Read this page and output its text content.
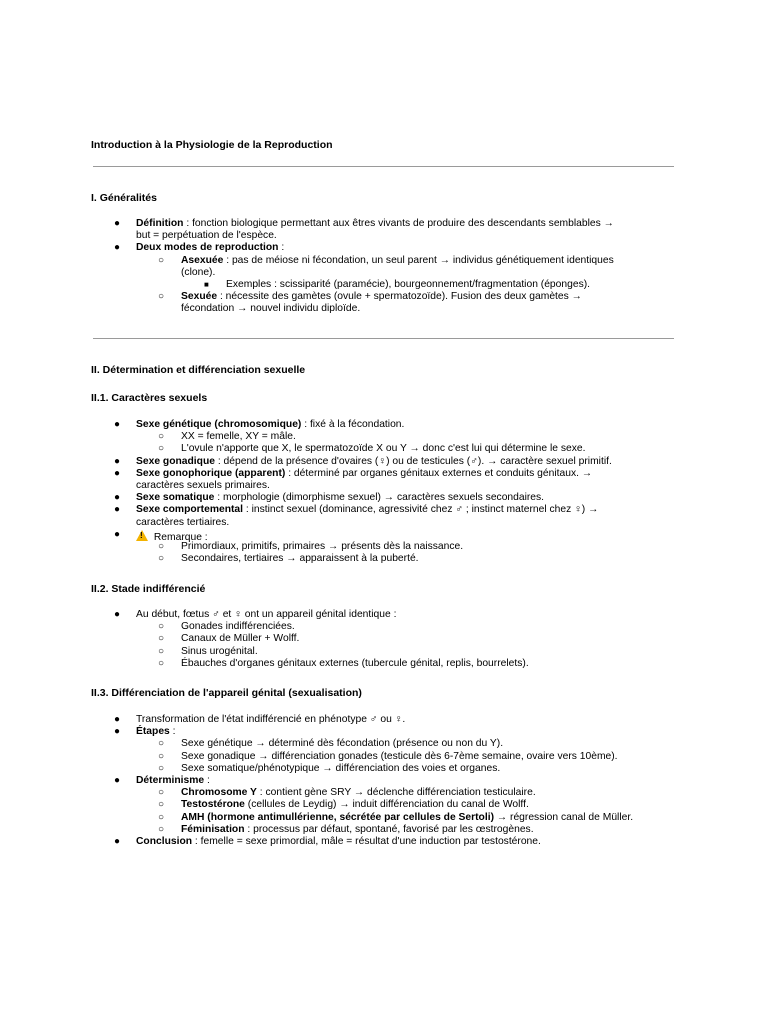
Introduction à la Physiologie de la Reproduction
I. Généralités
● Définition : fonction biologique permettant aux êtres vivants de produire des descendants semblables →
but = perpétuation de l'espèce.
● Deux modes de reproduction :
○ Asexuée : pas de méiose ni fécondation, un seul parent → individus génétiquement identiques
(clone).
■ Exemples : scissiparité (paramécie), bourgeonnement/fragmentation (éponges).
○ Sexuée : nécessite des gamètes (ovule + spermatozoïde). Fusion des deux gamètes →
fécondation → nouvel individu diploïde.
II. Détermination et différenciation sexuelle
II.1. Caractères sexuels
● Sexe génétique (chromosomique) : fixé à la fécondation.
○ XX = femelle, XY = mâle.
○ L'ovule n'apporte que X, le spermatozoïde X ou Y → donc c'est lui qui détermine le sexe.
● Sexe gonadique : dépend de la présence d'ovaires (♀) ou de testicules (♂). → caractère sexuel primitif.
● Sexe gonophorique (apparent) : déterminé par organes génitaux externes et conduits génitaux. →
caractères sexuels primaires.
● Sexe somatique : morphologie (dimorphisme sexuel) → caractères sexuels secondaires.
● Sexe comportemental : instinct sexuel (dominance, agressivité chez ♂ ; instinct maternel chez ♀) →
caractères tertiaires.
● !	Remarque :
○ Primordiaux, primitifs, primaires → présents dès la naissance.
○ Secondaires, tertiaires → apparaissent à la puberté.
II.2. Stade indifférencié
● Au début, fœtus ♂ et ♀ ont un appareil génital identique :
○ Gonades indifférenciées.
○ Canaux de Müller + Wolff.
○ Sinus urogénital.
○ Ébauches d'organes génitaux externes (tubercule génital, replis, bourrelets).
II.3. Différenciation de l'appareil génital (sexualisation)
● Transformation de l'état indifférencié en phénotype ♂ ou ♀.
● Étapes :
○ Sexe génétique → déterminé dès fécondation (présence ou non du Y).
○ Sexe gonadique → différenciation gonades (testicule dès 6-7ème semaine, ovaire vers 10ème).
○ Sexe somatique/phénotypique → différenciation des voies et organes.
● Déterminisme :
○ Chromosome Y : contient gène SRY → déclenche différenciation testiculaire.
○ Testostérone (cellules de Leydig) → induit différenciation du canal de Wolff.
○ AMH (hormone antimullérienne, sécrétée par cellules de Sertoli) → régression canal de Müller.
○ Féminisation : processus par défaut, spontané, favorisé par les œstrogènes.
● Conclusion : femelle = sexe primordial, mâle = résultat d'une induction par testostérone.
